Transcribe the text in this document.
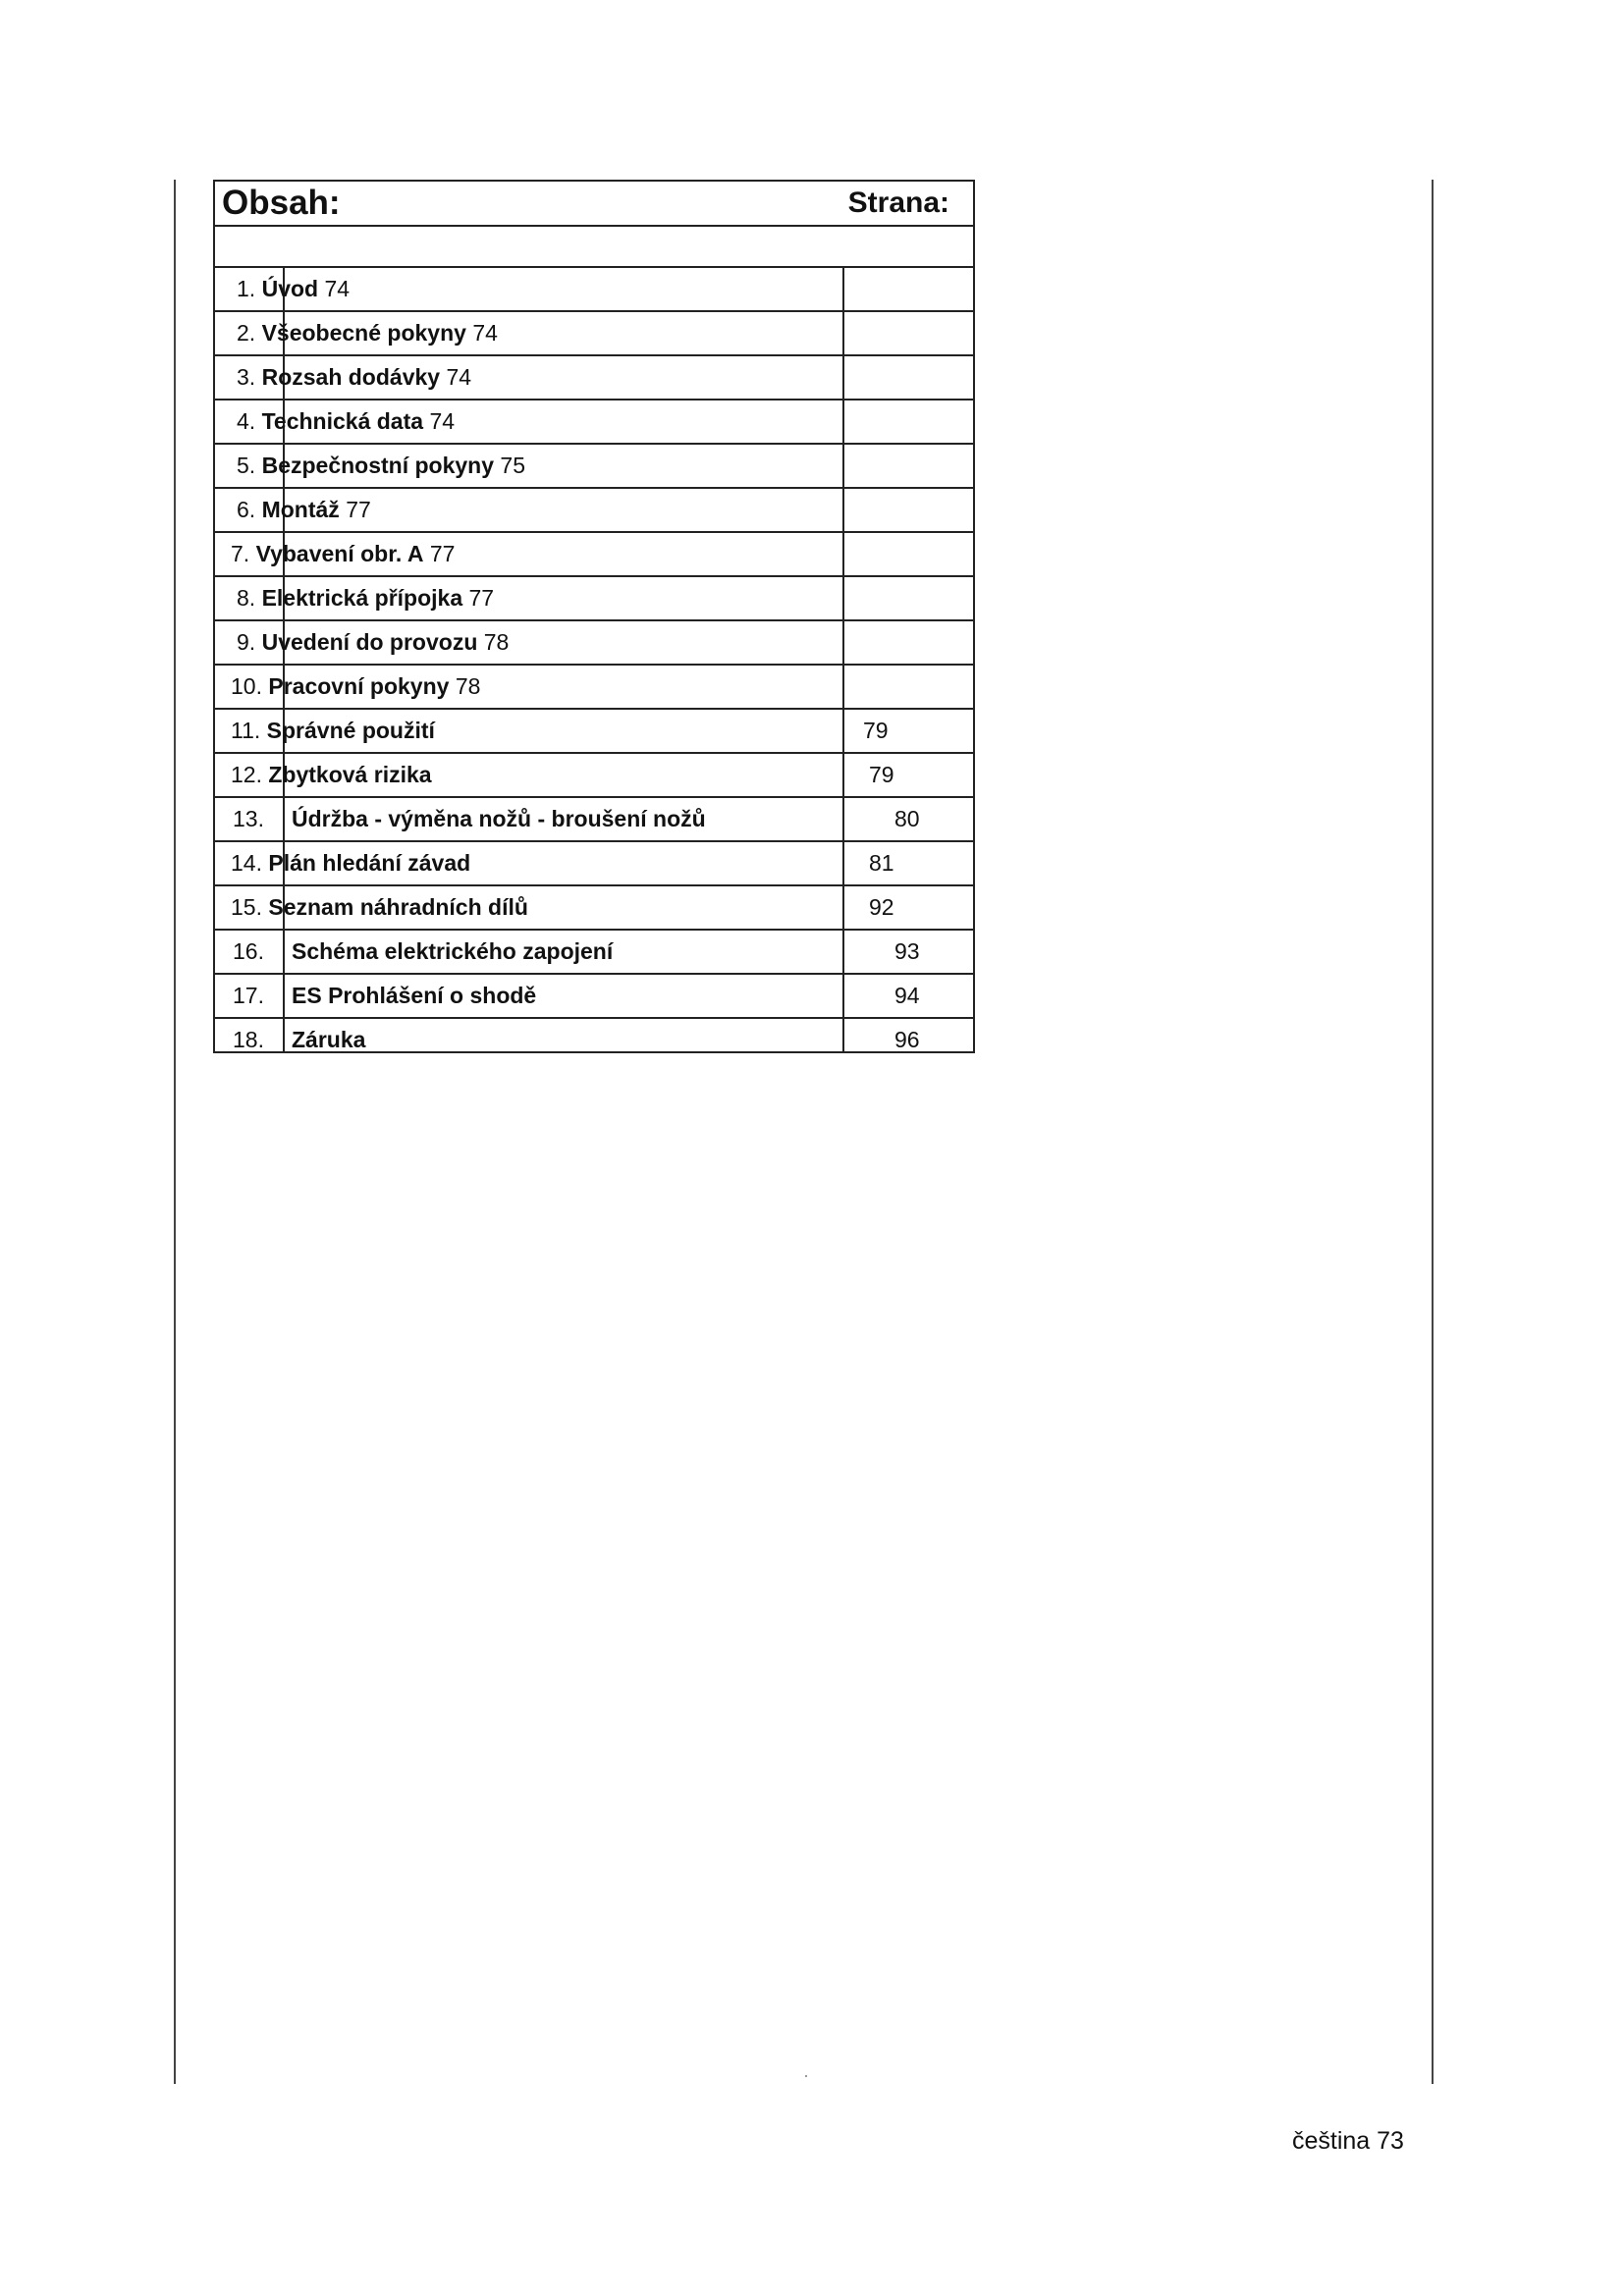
Obsah:	Strana:
1. Úvod 74
2. Všeobecné pokyny 74
3. Rozsah dodávky 74
4. Technická data 74
5. Bezpečnostní pokyny 75
6. Montáž 77
7. Vybavení obr. A 77
8. Elektrická přípojka 77
9. Uvedení do provozu 78
10. Pracovní pokyny 78
11. Správné použití	79
12. Zbytková rizika	79
13. Údržba - výměna nožů - broušení nožů	80
14. Plán hledání závad	81
15. Seznam náhradních dílů	92
16. Schéma elektrického zapojení	93
17. ES Prohlášení o shodě	94
18. Záruka	96
čeština 73
